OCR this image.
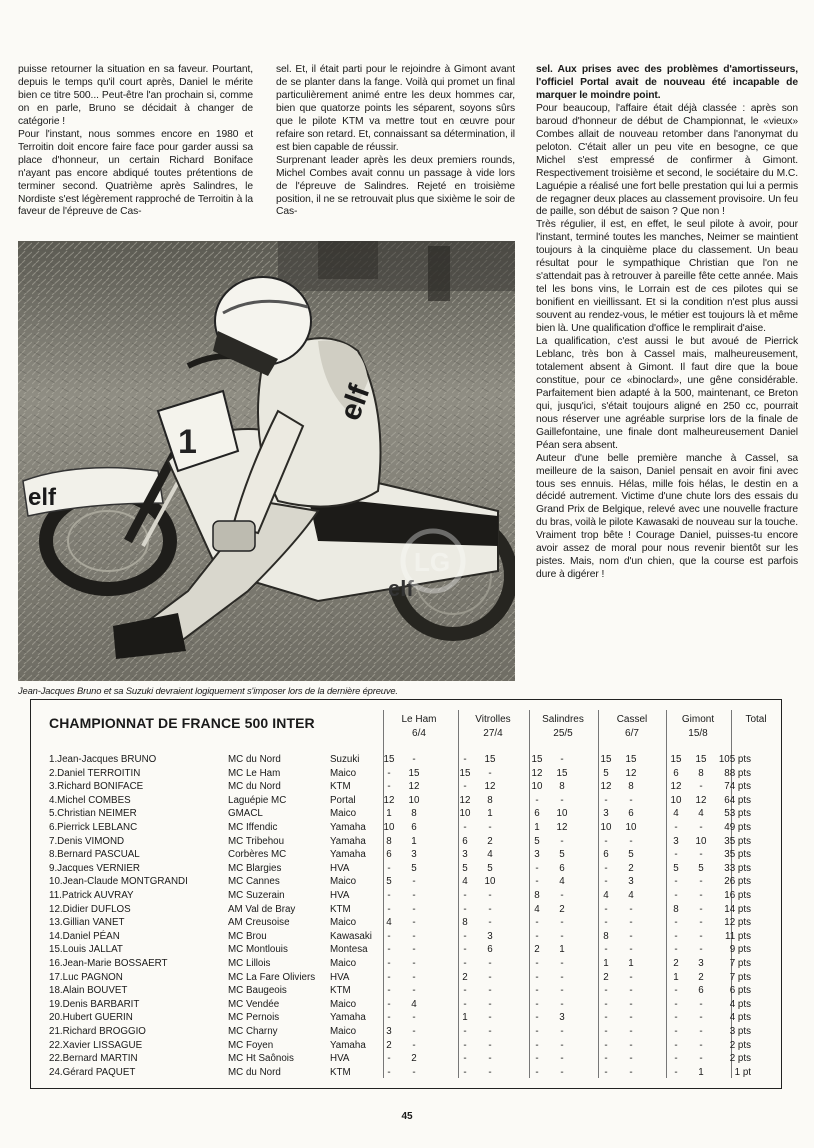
puisse retourner la situation en sa faveur. Pourtant, depuis le temps qu'il court après, Daniel le mérite bien ce titre 500... Peut-être l'an prochain si, comme on en parle, Bruno se décidait à changer de catégorie !

Pour l'instant, nous sommes encore en 1980 et Terroitin doit encore faire face pour garder aussi sa place d'honneur, un certain Richard Boniface n'ayant pas encore abdiqué toutes prétentions de terminer second. Quatrième après Salindres, le Nordiste s'est légèrement rapproché de Terroitin à la faveur de l'épreuve de Cas-

sel. Et, il était parti pour le rejoindre à Gimont avant de se planter dans la fange. Voilà qui promet un final particulièrement animé entre les deux hommes car, bien que quatorze points les séparent, soyons sûrs que le pilote KTM va mettre tout en œuvre pour refaire son retard. Et, connaissant sa détermination, il est bien capable de réussir.

Surprenant leader après les deux premiers rounds, Michel Combes avait connu un passage à vide lors de l'épreuve de Salindres. Rejeté en troisième position, il ne se retrouvait plus que sixième le soir de Cas-

sel. Aux prises avec des problèmes d'amortisseurs, l'officiel Portal avait de nouveau été incapable de marquer le moindre point.

Pour beaucoup, l'affaire était déjà classée : après son baroud d'honneur de début de Championnat, le «vieux» Combes allait de nouveau retomber dans l'anonymat du peloton. C'était aller un peu vite en besogne, ce que Michel s'est empressé de confirmer à Gimont. Respectivement troisième et second, le sociétaire du M.C. Laguépie a réalisé une fort belle prestation qui lui a permis de regagner deux places au classement provisoire. Un feu de paille, son début de saison ? Que non !

Très régulier, il est, en effet, le seul pilote à avoir, pour l'instant, terminé toutes les manches, Neimer se maintient toujours à la cinquième place du classement. Un beau résultat pour le sympathique Christian que l'on ne s'attendait pas à retrouver à pareille fête cette année. Mais tel les bons vins, le Lorrain est de ces pilotes qui se bonifient en vieillissant. Et si la condition n'est plus aussi souvent au rendez-vous, le métier est toujours là et même bien là. Une qualification d'office le remplirait d'aise.

La qualification, c'est aussi le but avoué de Pierrick Leblanc, très bon à Cassel mais, malheureusement, totalement absent à Gimont. Il faut dire que la boue constitue, pour ce «binoclard», une gêne considérable. Parfaitement bien adapté à la 500, maintenant, ce Breton qui, jusqu'ici, s'était toujours aligné en 250 cc, pourrait nous réserver une agréable surprise lors de la finale de Gaillefontaine, une finale dont malheureusement Daniel Péan sera absent.

Auteur d'une belle première manche à Cassel, sa meilleure de la saison, Daniel pensait en avoir fini avec tous ses ennuis. Hélas, mille fois hélas, le destin en a décidé autrement. Victime d'une chute lors des essais du Grand Prix de Belgique, relevé avec une nouvelle fracture du bras, voilà le pilote Kawasaki de nouveau sur la touche. Vraiment trop bête ! Courage Daniel, puisses-tu encore avoir assez de moral pour nous revenir bientôt sur les pistes. Mais, nom d'un chien, que la course est parfois dure à digérer !

1
elf
elf
elf
LG
Jean-Jacques Bruno et sa Suzuki devraient logiquement s'imposer lors de la dernière épreuve.
CHAMPIONNAT DE FRANCE 500 INTER	Le Ham
6/4
Vitrolles
27/4
Salindres
25/5
Cassel
6/7
Gimont
15/8
Total
1.Jean-Jacques BRUNO	MC du Nord	Suzuki	15	-	-	15	15	-	15	15	15	15	105 pts
2.Daniel TERROITIN	MC Le Ham	Maico	-	15	15	-	12	15	5	12	6	8	88 pts
3.Richard BONIFACE	MC du Nord	KTM	-	12	-	12	10	8	12	8	12	-	74 pts
4.Michel COMBES	Laguépie MC	Portal	12	10	12	8	-	-	-	-	10	12	64 pts
5.Christian NEIMER	GMACL	Maico	1	8	10	1	6	10	3	6	4	4	53 pts
6.Pierrick LEBLANC	MC Iffendic	Yamaha	10	6	-	-	1	12	10	10	-	-	49 pts
7.Denis VIMOND	MC Tribehou	Yamaha	8	1	6	2	5	-	-	-	3	10	35 pts
8.Bernard PASCUAL	Corbères MC	Yamaha	6	3	3	4	3	5	6	5	-	-	35 pts
9.Jacques VERNIER	MC Blargies	HVA	-	5	5	5	-	6	-	2	5	5	33 pts
10.Jean-Claude MONTGRANDI	MC Cannes	Maico	5	-	4	10	-	4	-	3	-	-	26 pts
11.Patrick AUVRAY	MC Suzerain	HVA	-	-	-	-	8	-	4	4	-	-	16 pts
12.Didier DUFLOS	AM Val de Bray	KTM	-	-	-	-	4	2	-	-	8	-	14 pts
13.Gillian VANET	AM Creusoise	Maico	4	-	8	-	-	-	-	-	-	-	12 pts
14.Daniel PÉAN	MC Brou	Kawasaki	-	-	-	3	-	-	8	-	-	-	11 pts
15.Louis JALLAT	MC Montlouis	Montesa	-	-	-	6	2	1	-	-	-	-	9 pts
16.Jean-Marie BOSSAERT	MC Lillois	Maico	-	-	-	-	-	-	1	1	2	3	7 pts
17.Luc PAGNON	MC La Fare Oliviers HVA	-	-	2	-	-	-	2	-	1	2	7 pts
18.Alain BOUVET	MC Baugeois	KTM	-	-	-	-	-	-	-	-	-	6	6 pts
19.Denis BARBARIT	MC Vendée	Maico	-	4	-	-	-	-	-	-	-	-	4 pts
20.Hubert GUERIN	MC Pernois	Yamaha	-	-	1	-	-	3	-	-	-	-	4 pts
21.Richard BROGGIO	MC Charny	Maico	3	-	-	-	-	-	-	-	-	-	3 pts
22.Xavier LISSAGUE	MC Foyen	Yamaha	2	-	-	-	-	-	-	-	-	-	2 pts
22.Bernard MARTIN	MC Ht Saônois	HVA	-	2	-	-	-	-	-	-	-	-	2 pts
24.Gérard PAQUET	MC du Nord	KTM	-	-	-	-	-	-	-	-	-	1	1 pt
45
